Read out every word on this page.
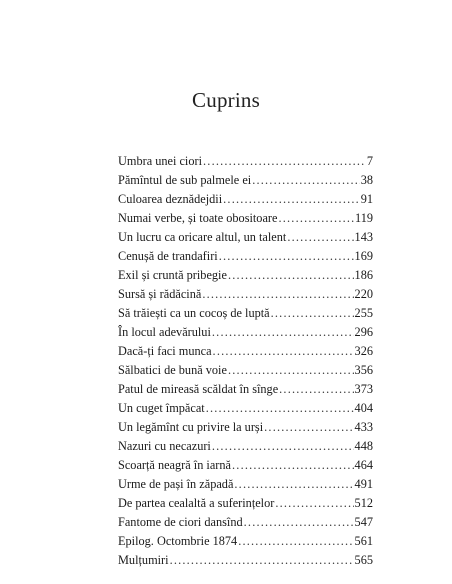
Cuprins
Umbra unei ciori .....	7
Pămîntul de sub palmele ei .....	38
Culoarea deznădejdii .....	91
Numai verbe, și toate obositoare .....	119
Un lucru ca oricare altul, un talent .....	143
Cenușă de trandafiri .....	169
Exil și cruntă pribegie .....	186
Sursă și rădăcină .....	220
Să trăiești ca un cocoș de luptă .....	255
În locul adevărului .....	296
Dacă-ți faci munca .....	326
Sălbatici de bună voie .....	356
Patul de mireasă scăldat în sînge .....	373
Un cuget împăcat .....	404
Un legămînt cu privire la urși .....	433
Nazuri cu necazuri .....	448
Scoarță neagră în iarnă .....	464
Urme de pași în zăpadă .....	491
De partea cealaltă a suferințelor .....	512
Fantome de ciori dansînd .....	547
Epilog. Octombrie 1874 .....	561
Mulțumiri .....	565
